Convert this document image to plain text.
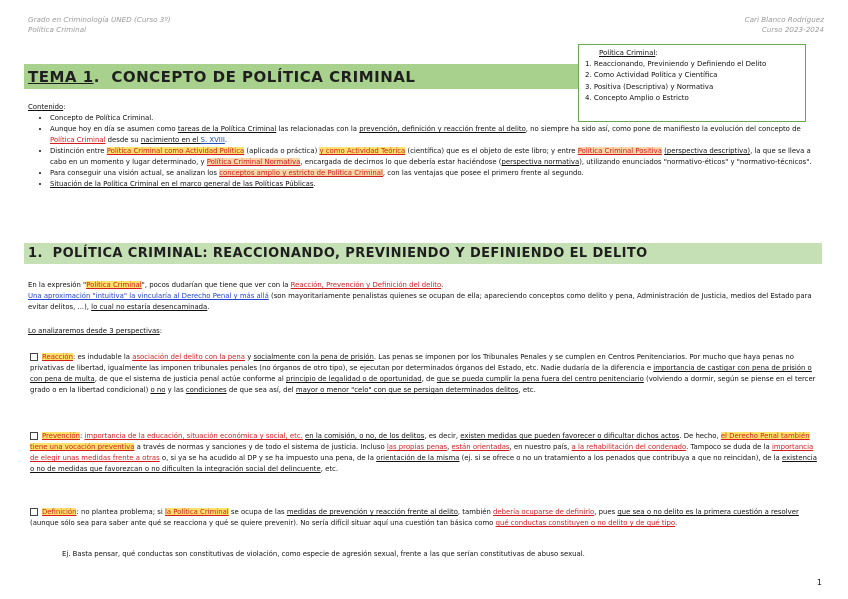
Grado en Criminología UNED (Curso 3º)
Política Criminal
Cari Blanco Rodríguez
Curso 2023-2024
TEMA 1. CONCEPTO DE POLÍTICA CRIMINAL
Política Criminal:
1. Reaccionando, Previniendo y Definiendo el Delito
2. Como Actividad Política y Científica
3. Positiva (Descriptiva) y Normativa
4. Concepto Amplio o Estricto
Contenido:
• Concepto de Política Criminal.
• Aunque hoy en día se asumen como tareas de la Política Criminal las relacionadas con la prevención, definición y reacción frente al delito, no siempre ha sido así, como pone de manifiesto la evolución del concepto de Política Criminal desde su nacimiento en el S. XVIII.
• Distinción entre Política Criminal como Actividad Política (aplicada o práctica) y como Actividad Teórica (científica) que es el objeto de este libro; y entre Política Criminal Positiva (perspectiva descriptiva), la que se lleva a cabo en un momento y lugar determinado, y Política Criminal Normativa, encargada de decirnos lo que debería estar haciéndose (perspectiva normativa), utilizando enunciados "normativo-éticos" y "normativo-técnicos".
• Para conseguir una visión actual, se analizan los conceptos amplio y estricto de Política Criminal, con las ventajas que posee el primero frente al segundo.
• Situación de la Política Criminal en el marco general de las Políticas Públicas.
1. POLÍTICA CRIMINAL: REACCIONANDO, PREVINIENDO Y DEFINIENDO EL DELITO
En la expresión "Política Criminal", pocos dudarían que tiene que ver con la Reacción, Prevención y Definición del delito.
Una aproximación "intuitiva" la vincularía al Derecho Penal y más allá (son mayoritariamente penalistas quienes se ocupan de ella; apareciendo conceptos como delito y pena, Administración de Justicia, medios del Estado para evitar delitos, ...), lo cual no estaría desencaminada.
Lo analizaremos desde 3 perspectivas:
Reacción: es indudable la asociación del delito con la pena y socialmente con la pena de prisión. Las penas se imponen por los Tribunales Penales y se cumplen en Centros Penitenciarios. Por mucho que haya penas no privativas de libertad, igualmente las imponen tribunales penales (no órganos de otro tipo), se ejecutan por determinados órganos del Estado, etc. Nadie dudaría de la diferencia e importancia de castigar con pena de prisión o con pena de multa, de que el sistema de justicia penal actúe conforme al principio de legalidad o de oportunidad, de que se pueda cumplir la pena fuera del centro penitenciario (volviendo a dormir, según se piense en el tercer grado o en la libertad condicional) o no y las condiciones de que sea así, del mayor o menor "celo" con que se persigan determinados delitos, etc.
Prevención: importancia de la educación, situación económica y social, etc. en la comisión, o no, de los delitos, es decir, existen medidas que pueden favorecer o dificultar dichos actos. De hecho, el Derecho Penal también tiene una vocación preventiva a través de normas y sanciones y de todo el sistema de justicia. Incluso las propias penas, están orientadas, en nuestro país, a la rehabilitación del condenado. Tampoco se duda de la importancia de elegir unas medidas frente a otras o, si ya se ha acudido al DP y se ha impuesto una pena, de la orientación de la misma (ej. si se ofrece o no un tratamiento a los penados que contribuya a que no reincidan), de la existencia o no de medidas que favorezcan o no dificulten la integración social del delincuente, etc.
Definición: no plantea problema; si la Política Criminal se ocupa de las medidas de prevención y reacción frente al delito, también debería ocuparse de definirlo, pues que sea o no delito es la primera cuestión a resolver (aunque sólo sea para saber ante qué se reacciona y qué se quiere prevenir). No sería difícil situar aquí una cuestión tan básica como qué conductas constituyen o no delito y de qué tipo.
Ej. Basta pensar, qué conductas son constitutivas de violación, como especie de agresión sexual, frente a las que serían constitutivas de abuso sexual.
1
